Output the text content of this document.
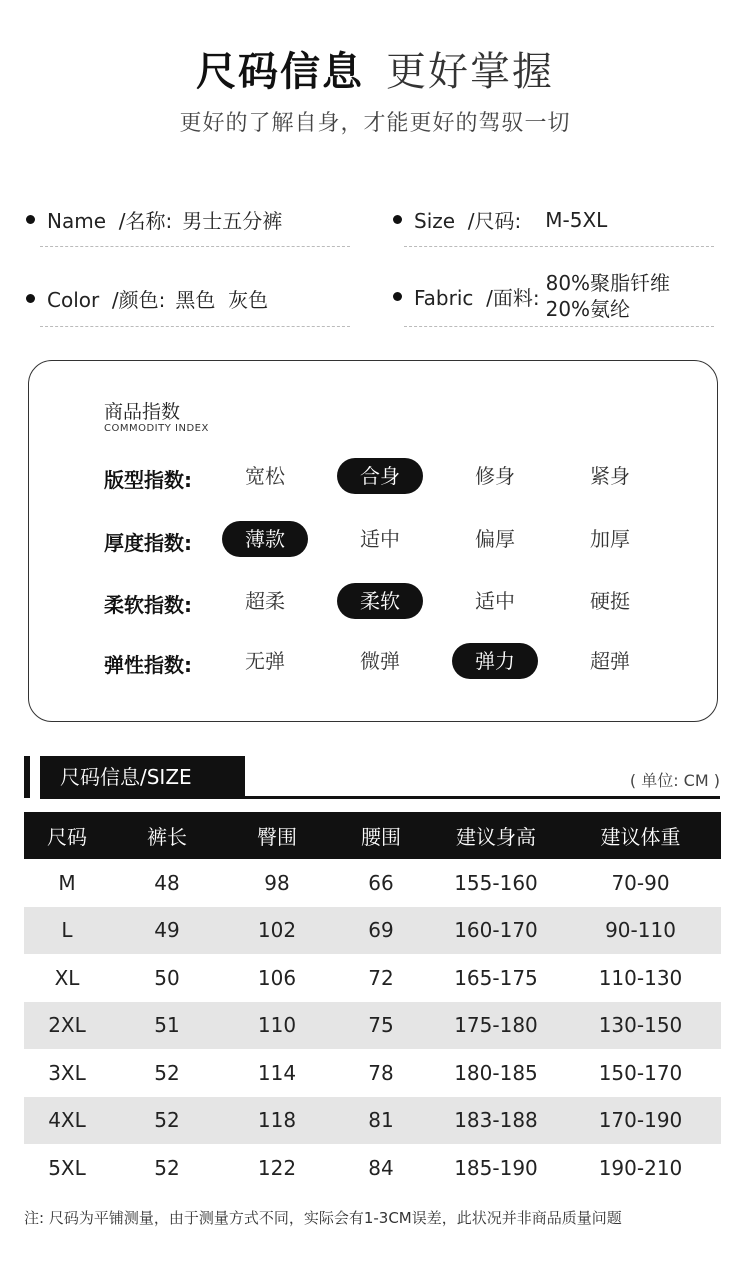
尺码信息 更好掌握
更好的了解自身，才能更好的驾驭一切
Name  /名称: 男士五分裤	Size  /尺码: M-5XL
Color  /颜色: 黑色  灰色	Fabric  /面料:
80%聚脂钎维
20%氨纶
商品指数
COMMODITY INDEX
版型指数:	宽松	合身	修身	紧身
厚度指数:	薄款	适中	偏厚	加厚
柔软指数:	超柔	柔软	适中	硬挺
弹性指数:	无弹	微弹	弹力	超弹
尺码信息/SIZE	( 单位: CM )
尺码	裤长	臀围	腰围	建议身高	建议体重
M	48	98	66	155-160	70-90
L	49	102	69	160-170	90-110
XL	50	106	72	165-175	110-130
2XL	51	110	75	175-180	130-150
3XL	52	114	78	180-185	150-170
4XL	52	118	81	183-188	170-190
5XL	52	122	84	185-190	190-210
注: 尺码为平铺测量，由于测量方式不同，实际会有1-3CM误差，此状况并非商品质量问题
